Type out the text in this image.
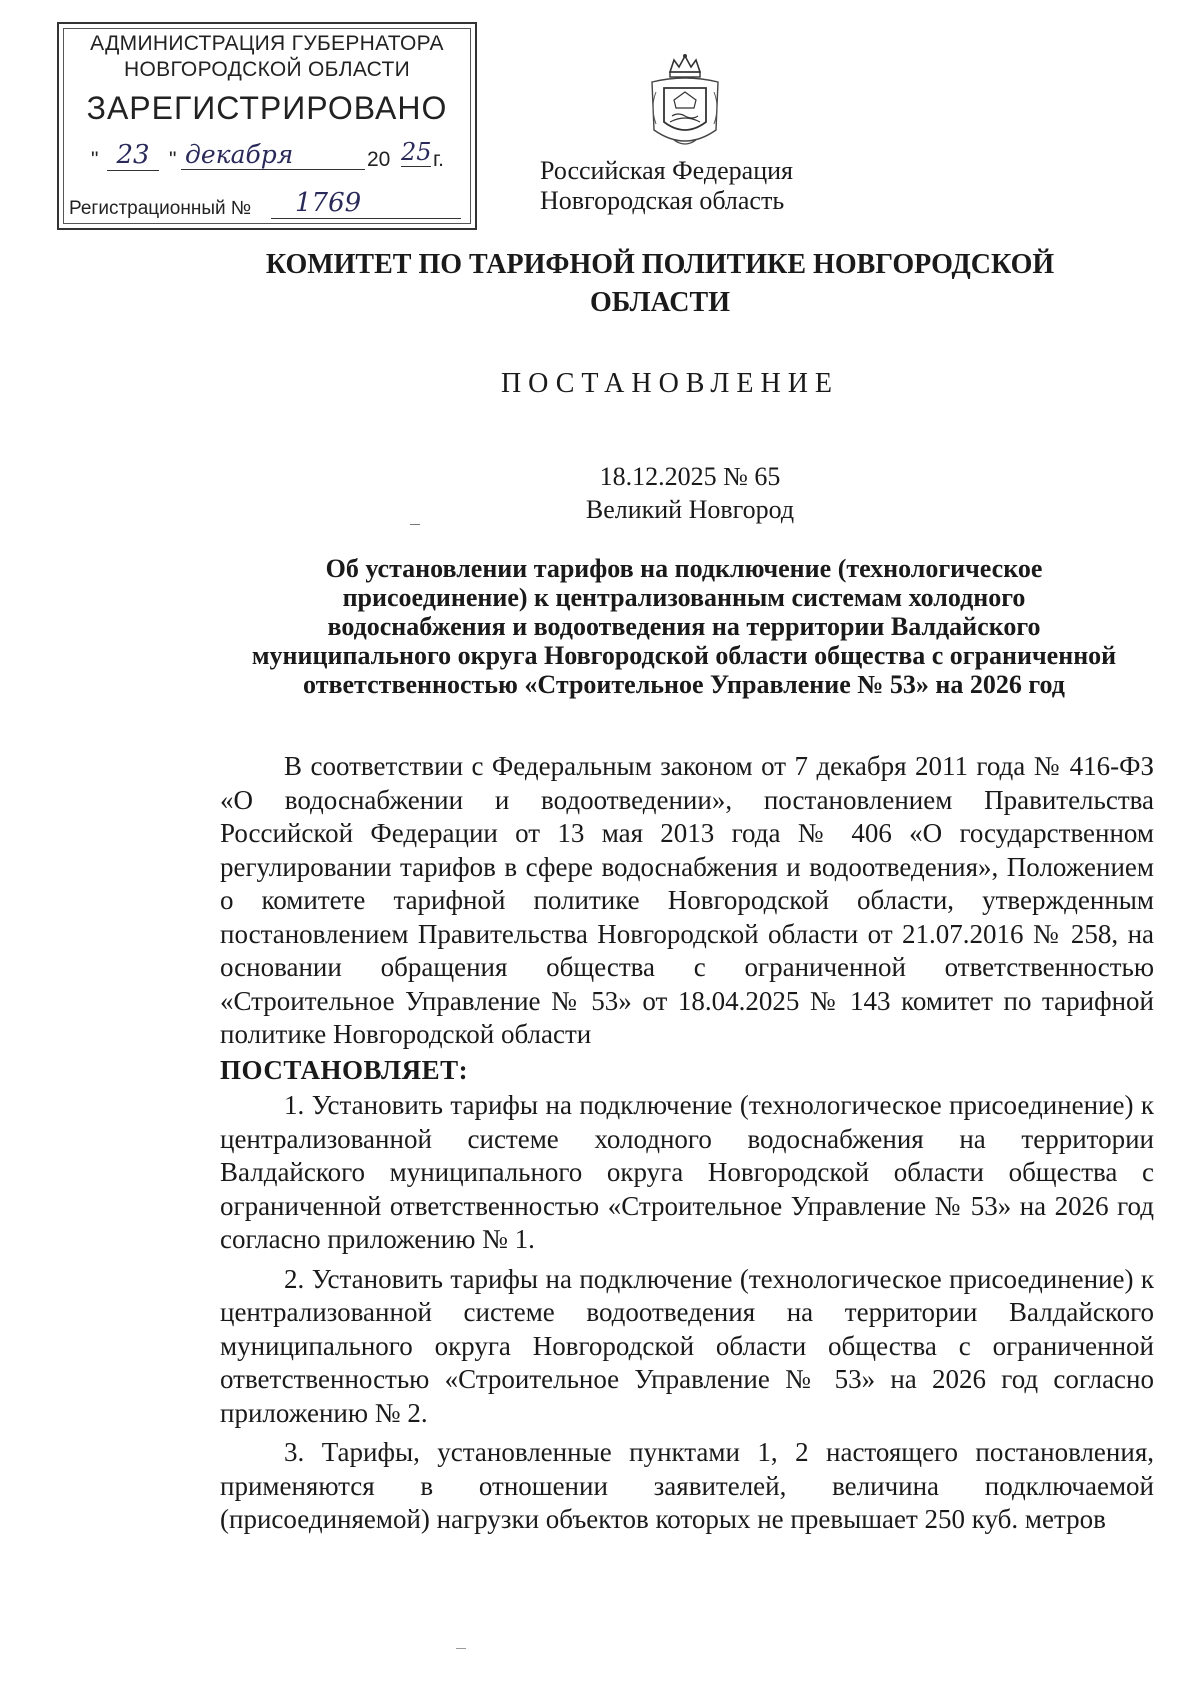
АДМИНИСТРАЦИЯ ГУБЕРНАТОРА
НОВГОРОДСКОЙ ОБЛАСТИ
ЗАРЕГИСТРИРОВАНО
" 23 " декабря	20 25 г.
Регистрационный №	1769
Российская Федерация
Новгородская область
КОМИТЕТ ПО ТАРИФНОЙ ПОЛИТИКЕ НОВГОРОДСКОЙ
ОБЛАСТИ
ПОСТАНОВЛЕНИЕ
18.12.2025 № 65
Великий Новгород
Об установлении тарифов на подключение (технологическое
присоединение) к централизованным системам холодного
водоснабжения и водоотведения на территории Валдайского
муниципального округа Новгородской области общества с ограниченной
ответственностью «Строительное Управление № 53» на 2026 год

В соответствии с Федеральным законом от 7 декабря 2011 года № 416-ФЗ «О водоснабжении и водоотведении», постановлением Правительства Российской Федерации от 13 мая 2013 года № 406 «О государственном регулировании тарифов в сфере водоснабжения и водоотведения», Положением о комитете тарифной политике Новгородской области, утвержденным постановлением Правительства Новгородской области от 21.07.2016 № 258, на основании обращения общества с ограниченной ответственностью «Строительное Управление № 53» от 18.04.2025 № 143 комитет по тарифной политике Новгородской области

ПОСТАНОВЛЯЕТ:

1. Установить тарифы на подключение (технологическое присоединение) к централизованной системе холодного водоснабжения на территории Валдайского муниципального округа Новгородской области общества с ограниченной ответственностью «Строительное Управление № 53» на 2026 год согласно приложению № 1.

2. Установить тарифы на подключение (технологическое присоединение) к централизованной системе водоотведения на территории Валдайского муниципального округа Новгородской области общества с ограниченной ответственностью «Строительное Управление № 53» на 2026 год согласно приложению № 2.

3. Тарифы, установленные пунктами 1, 2 настоящего постановления, применяются в отношении заявителей, величина подключаемой (присоединяемой) нагрузки объектов которых не превышает 250 куб. метров
